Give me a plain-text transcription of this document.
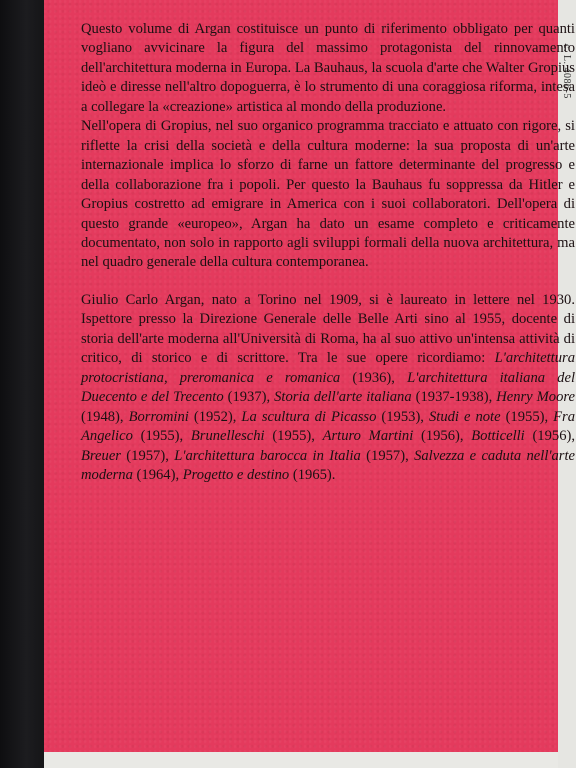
c. L. 4086-5

Questo volume di Argan costituisce un punto di riferimento obbligato per quanti vogliano avvicinare la figura del massimo protagonista del rinnovamento dell'architettura moderna in Europa. La Bauhaus, la scuola d'arte che Walter Gropius ideò e diresse nell'altro dopoguerra, è lo strumento di una coraggiosa riforma, intesa a collegare la «creazione» artistica al mondo della produzione.

Nell'opera di Gropius, nel suo organico programma tracciato e attuato con rigore, si riflette la crisi della società e della cultura moderne: la sua proposta di un'arte internazionale implica lo sforzo di farne un fattore determinante del progresso e della collaborazione fra i popoli. Per questo la Bauhaus fu soppressa da Hitler e Gropius costretto ad emigrare in America con i suoi collaboratori. Dell'opera di questo grande «europeo», Argan ha dato un esame completo e criticamente documentato, non solo in rapporto agli sviluppi formali della nuova architettura, ma nel quadro generale della cultura contemporanea.

Giulio Carlo Argan, nato a Torino nel 1909, si è laureato in lettere nel 1930. Ispettore presso la Direzione Generale delle Belle Arti sino al 1955, docente di storia dell'arte moderna all'Università di Roma, ha al suo attivo un'intensa attività di critico, di storico e di scrittore. Tra le sue opere ricordiamo: L'architettura protocristiana, preromanica e romanica (1936), L'architettura italiana del Duecento e del Trecento (1937), Storia dell'arte italiana (1937-1938), Henry Moore (1948), Borromini (1952), La scultura di Picasso (1953), Studi e note (1955), Fra Angelico (1955), Brunelleschi (1955), Arturo Martini (1956), Botticelli (1956), Breuer (1957), L'architettura barocca in Italia (1957), Salvezza e caduta nell'arte moderna (1964), Progetto e destino (1965).
